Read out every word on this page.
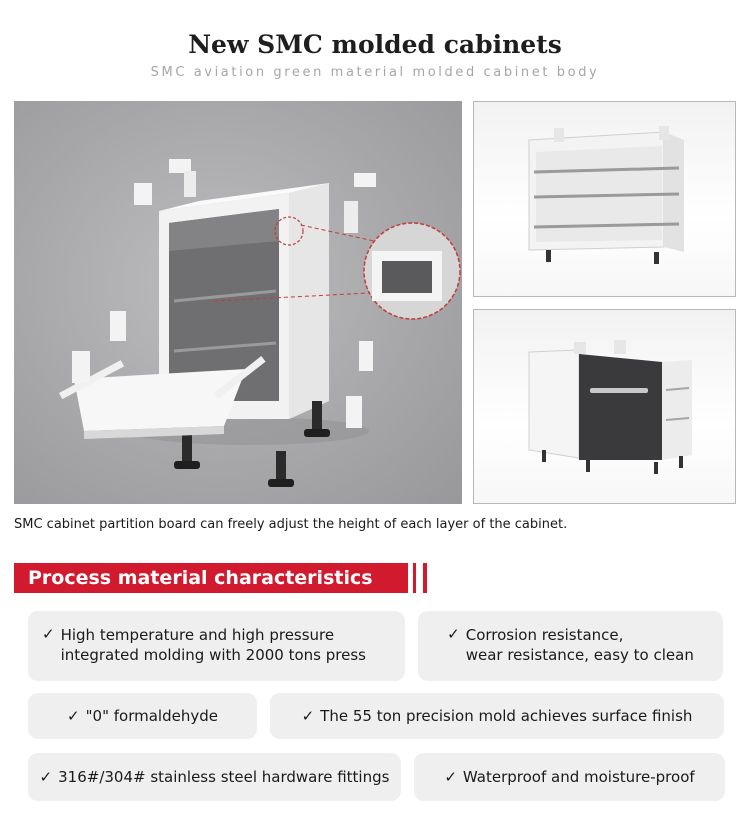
New SMC molded cabinets
SMC aviation green material molded cabinet body
SMC cabinet partition board can freely adjust the height of each layer of the cabinet.
Process material characteristics
✓ High temperature and high pressure
integrated molding with 2000 tons press
✓ Corrosion resistance,
wear resistance, easy to clean
✓ "0" formaldehyde	✓ The 55 ton precision mold achieves surface finish
✓ 316#/304# stainless steel hardware fittings	✓ Waterproof and moisture-proof
